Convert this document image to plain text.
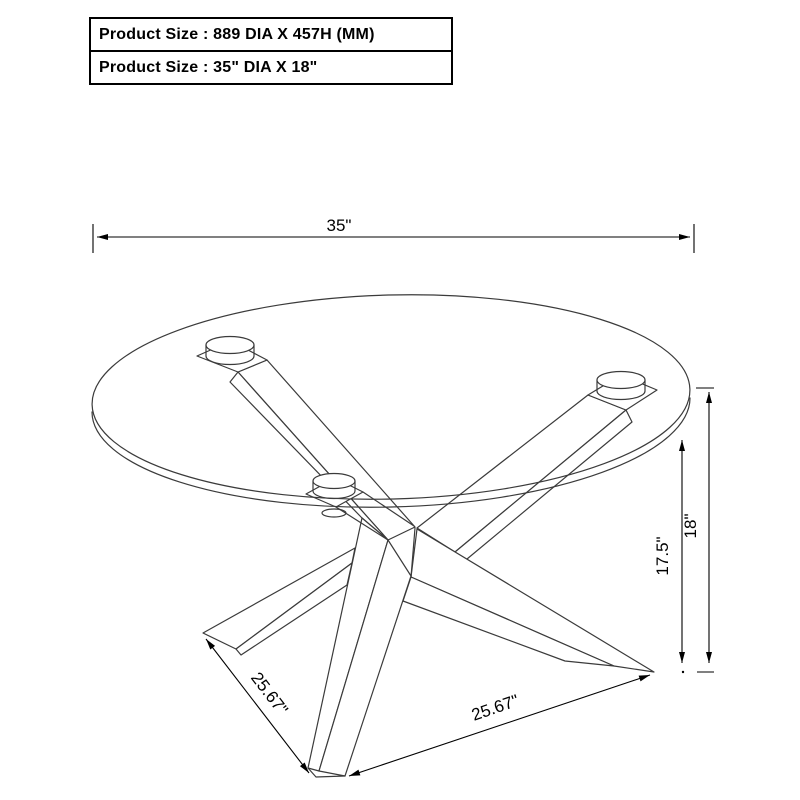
35"
17.5"
18"
25.67"	25.67"
Product Size : 889 DIA X 457H (MM)
Product Size : 35" DIA X 18"
